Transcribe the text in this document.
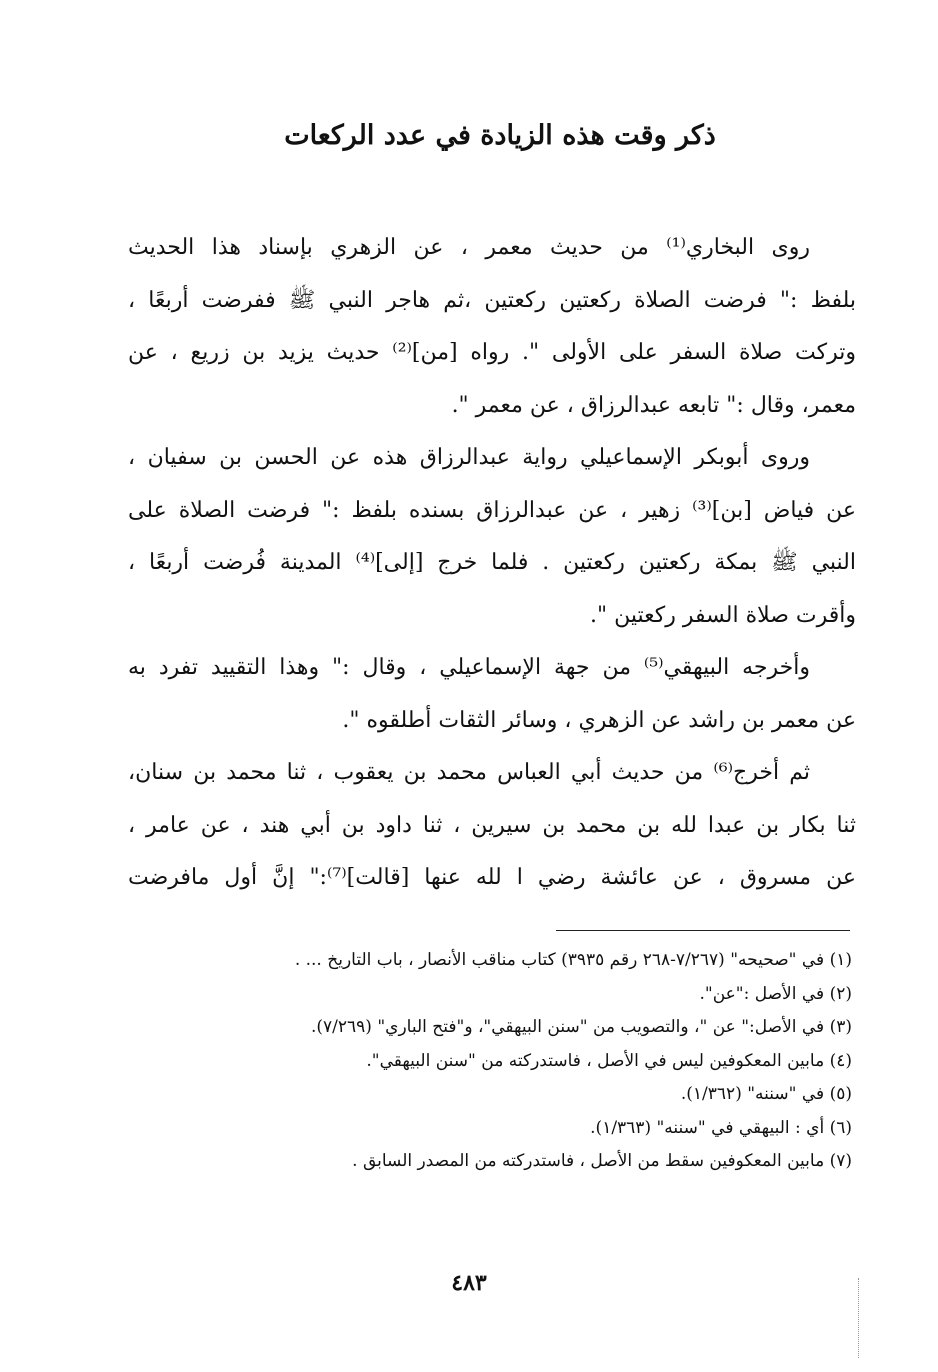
ذكر وقت هذه الزيادة في عدد الركعات
روى البخاري⁽¹⁾ من حديث معمر ، عن الزهري بإسناد هذا الحديث
بلفظ :" فرضت الصلاة ركعتين ركعتين ،ثم هاجر النبي ﷺ ففرضت أربعًا ،
وتركت صلاة السفر على الأولى ". رواه [من]⁽²⁾ حديث يزيد بن زريع ، عن
معمر، وقال :" تابعه عبدالرزاق ، عن معمر ".
وروى أبوبكر الإسماعيلي رواية عبدالرزاق هذه عن الحسن بن سفيان ،
عن فياض [بن]⁽³⁾ زهير ، عن عبدالرزاق بسنده بلفظ :" فرضت الصلاة على
النبي ﷺ بمكة ركعتين ركعتين . فلما خرج [إلى]⁽⁴⁾ المدينة فُرضت أربعًا ،
وأقرت صلاة السفر ركعتين ".
وأخرجه البيهقي⁽⁵⁾ من جهة الإسماعيلي ، وقال :" وهذا التقييد تفرد به
عن معمر بن راشد عن الزهري ، وسائر الثقات أطلقوه ".
ثم أخرج⁽⁶⁾ من حديث أبي العباس محمد بن يعقوب ، ثنا محمد بن سنان،
ثنا بكار بن عبدا لله بن محمد بن سيرين ، ثنا داود بن أبي هند ، عن عامر ،
عن مسروق ، عن عائشة رضي ا لله عنها [قالت]⁽⁷⁾:" إنَّ أول مافرضت
(١) في "صحيحه" (٧/٢٦٧-٢٦٨ رقم ٣٩٣٥) كتاب مناقب الأنصار ، باب التاريخ ... .
(٢) في الأصل :"عن".
(٣) في الأصل:" عن "، والتصويب من "سنن البيهقي"، و"فتح الباري" (٧/٢٦٩).
(٤) مابين المعكوفين ليس في الأصل ، فاستدركته من "سنن البيهقي".
(٥) في "سننه" (١/٣٦٢).
(٦) أي : البيهقي في "سننه" (١/٣٦٣).
(٧) مابين المعكوفين سقط من الأصل ، فاستدركته من المصدر السابق .
٤٨٣
